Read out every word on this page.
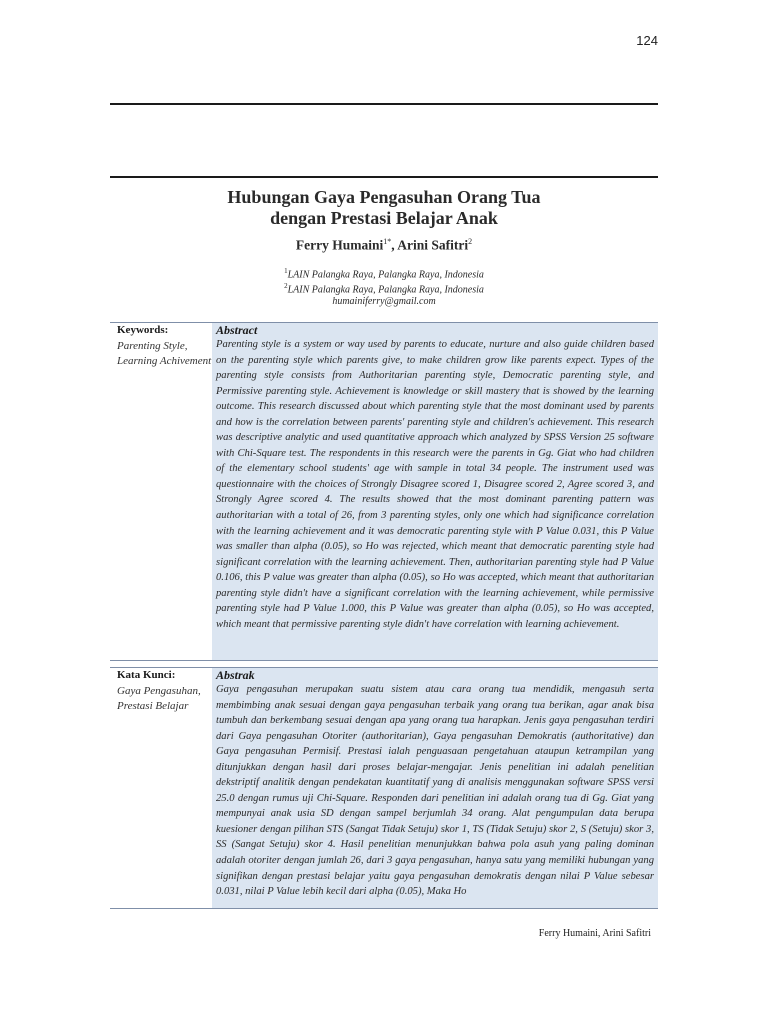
124
Hubungan Gaya Pengasuhan Orang Tua
dengan Prestasi Belajar Anak
Ferry Humaini$^{1*}$, Arini Safitri$^2$
$^1$LAIN Palangka Raya, Palangka Raya, Indonesia
$^2$LAIN Palangka Raya, Palangka Raya, Indonesia
humainiferry@gmail.com
Keywords:
Parenting Style, Learning Achivement
Abstract
Parenting style is a system or way used by parents to educate, nurture and also guide children based on the parenting style which parents give, to make children grow like parents expect. Types of the parenting style consists from Authoritarian parenting style, Democratic parenting style, and Permissive parenting style. Achievement is knowledge or skill mastery that is showed by the learning outcome. This research discussed about which parenting style that the most dominant used by parents and how is the correlation between parents' parenting style and children's achievement. This research was descriptive analytic and used quantitative approach which analyzed by SPSS Version 25 software with Chi-Square test. The respondents in this research were the parents in Gg. Giat who had children of the elementary school students' age with sample in total 34 people. The instrument used was questionnaire with the choices of Strongly Disagree scored 1, Disagree scored 2, Agree scored 3, and Strongly Agree scored 4. The results showed that the most dominant parenting pattern was authoritarian with a total of 26, from 3 parenting styles, only one which had significance correlation with the learning achievement and it was democratic parenting style with P Value 0.031, this P Value was smaller than alpha (0.05), so Ho was rejected, which meant that democratic parenting style had significant correlation with the learning achievement. Then, authoritarian parenting style had P Value 0.106, this P value was greater than alpha (0.05), so Ho was accepted, which meant that authoritarian parenting style didn't have a significant correlation with the learning achievement, while permissive parenting style had P Value 1.000, this P Value was greater than alpha (0.05), so Ho was accepted, which meant that permissive parenting style didn't have correlation with learning achievement.
Kata Kunci:
Gaya Pengasuhan, Prestasi Belajar
Abstrak
Gaya pengasuhan merupakan suatu sistem atau cara orang tua mendidik, mengasuh serta membimbing anak sesuai dengan gaya pengasuhan terbaik yang orang tua berikan, agar anak bisa tumbuh dan berkembang sesuai dengan apa yang orang tua harapkan. Jenis gaya pengasuhan terdiri dari Gaya pengasuhan Otoriter (authoritarian), Gaya pengasuhan Demokratis (authoritative) dan Gaya pengasuhan Permisif. Prestasi ialah penguasaan pengetahuan ataupun ketrampilan yang ditunjukkan dengan hasil dari proses belajar-mengajar. Jenis penelitian ini adalah penelitian dekstriptif analitik dengan pendekatan kuantitatif yang di analisis menggunakan software SPSS versi 25.0 dengan rumus uji Chi-Square. Responden dari penelitian ini adalah orang tua di Gg. Giat yang mempunyai anak usia SD dengan sampel berjumlah 34 orang. Alat pengumpulan data berupa kuesioner dengan pilihan STS (Sangat Tidak Setuju) skor 1, TS (Tidak Setuju) skor 2, S (Setuju) skor 3, SS (Sangat Setuju) skor 4. Hasil penelitian menunjukkan bahwa pola asuh yang paling dominan adalah otoriter dengan jumlah 26, dari 3 gaya pengasuhan, hanya satu yang memiliki hubungan yang signifikan dengan prestasi belajar yaitu gaya pengasuhan demokratis dengan nilai P Value sebesar 0.031, nilai P Value lebih kecil dari alpha (0.05), Maka Ho
Ferry Humaini, Arini Safitri
